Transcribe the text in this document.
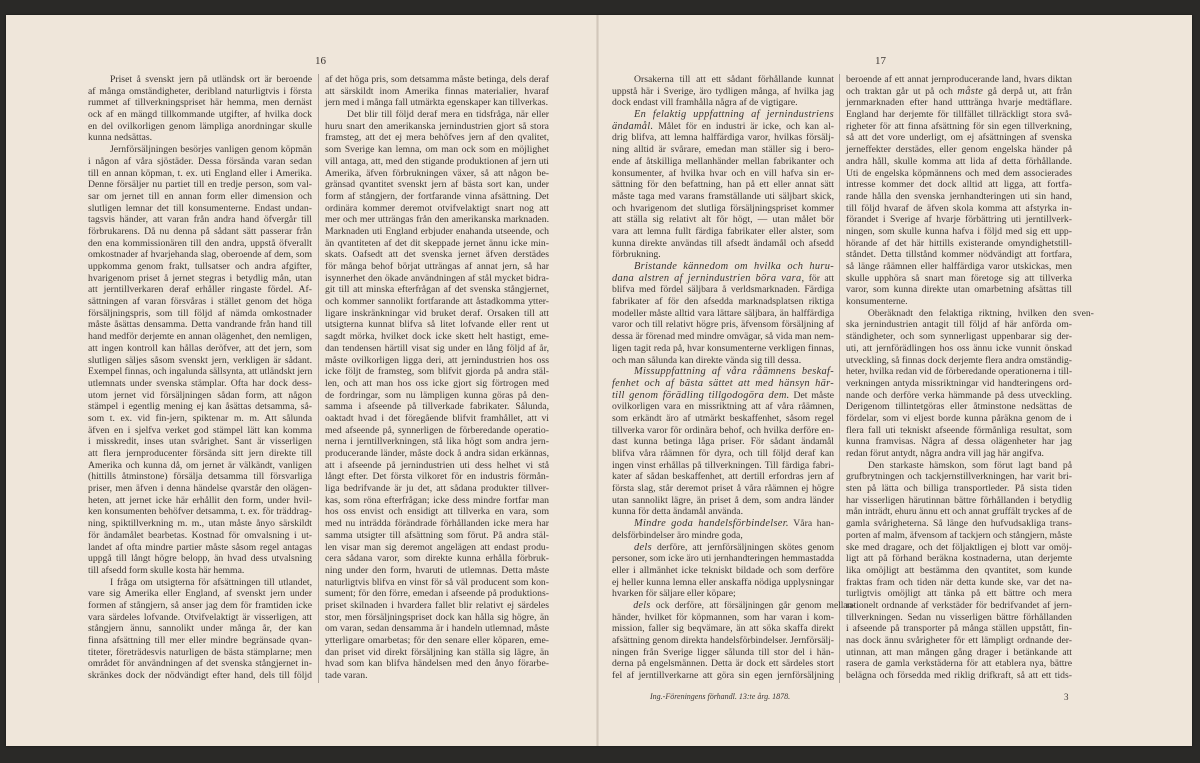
16	17
Priset å svenskt jern på utländsk ort är beroende
af många omständigheter, deribland naturligtvis i första
rummet af tillverkningspriset här hemma, men dernäst
ock af en mängd tillkommande utgifter, af hvilka dock
en del ovilkorligen genom lämpliga anordningar skulle
kunna nedsättas.
Jernförsäljningen besörjes vanligen genom köpmän
i någon af våra sjöstäder. Dessa försända varan sedan
till en annan köpman, t. ex. uti England eller i Amerika.
Denne försäljer nu partiet till en tredje person, som val-
sar om jernet till en annan form eller dimension och
slutligen lemnar det till konsumenterne. Endast undan-
tagsvis händer, att varan från andra hand öfvergår till
förbrukarens. Då nu denna på sådant sätt passerar från
den ena kommissionären till den andra, uppstå öfverallt
omkostnader af hvarjehanda slag, oberoende af dem, som
uppkomma genom frakt, tullsatser och andra afgifter,
hvarigenom priset å jernet stegras i betydlig mån, utan
att jerntillverkaren deraf erhåller ringaste fördel. Af-
sättningen af varan försvåras i stället genom det höga
försäljningspris, som till följd af nämda omkostnader
måste åsättas densamma. Detta vandrande från hand till
hand medför derjemte en annan olägenhet, den nemligen,
att ingen kontroll kan hållas deröfver, att det jern, som
slutligen säljes såsom svenskt jern, verkligen är sådant.
Exempel finnas, och ingalunda sällsynta, att utländskt jern
utlemnats under svenska stämplar. Ofta har dock dess-
utom jernet vid försäljningen sådan form, att någon
stämpel i egentlig mening ej kan åsättas detsamma, så-
som t. ex. vid fin-jern, spiktenar m. m. Att sålunda
äfven en i sjelfva verket god stämpel lätt kan komma
i misskredit, inses utan svårighet. Sant är visserligen
att flera jernproducenter försända sitt jern direkte till
Amerika och kunna då, om jernet är välkändt, vanligen
(hittills åtminstone) försälja detsamma till försvarliga
priser, men äfven i denna händelse qvarstår den olägen-
heten, att jernet icke här erhållit den form, under hvil-
ken konsumenten behöfver detsamma, t. ex. för träddrag-
ning, spiktillverkning m. m., utan måste ånyo särskildt
för ändamålet bearbetas. Kostnad för omvalsning i ut-
landet af ofta mindre partier måste såsom regel antagas
uppgå till långt högre belopp, än hvad dess utvalsning
till afsedd form skulle kosta här hemma.
I fråga om utsigterna för afsättningen till utlandet,
vare sig Amerika eller England, af svenskt jern under
formen af stångjern, så anser jag dem för framtiden icke
vara särdeles lofvande. Otvifvelaktigt är visserligen, att
stångjern ännu, sannolikt under många år, der kan
finna afsättning till mer eller mindre begränsade qvan-
titeter, företrädesvis naturligen de bästa stämplarne; men
området för användningen af det svenska stångjernet in-
skränkes dock der nödvändigt efter hand, dels till följd
af det höga pris, som detsamma måste betinga, dels deraf
att särskildt inom Amerika finnas materialier, hvaraf
jern med i många fall utmärkta egenskaper kan tillverkas.
Det blir till följd deraf mera en tidsfråga, när eller
huru snart den amerikanska jernindustrien gjort så stora
framsteg, att det ej mera behöfves jern af den qvalitet,
som Sverige kan lemna, om man ock som en möjlighet
vill antaga, att, med den stigande produktionen af jern uti
Amerika, äfven förbrukningen växer, så att någon be-
gränsad qvantitet svenskt jern af bästa sort kan, under
form af stångjern, der fortfarande vinna afsättning. Det
ordinära kommer deremot otvifvelaktigt snart nog att
mer och mer utträngas från den amerikanska marknaden.
Marknaden uti England erbjuder enahanda utseende, och
än qvantiteten af det dit skeppade jernet ännu icke min-
skats. Oafsedt att det svenska jernet äfven derstädes
för många behof börjat utträngas af annat jern, så har
isynnerhet den ökade användningen af stål mycket bidra-
git till att minska efterfrågan af det svenska stångjernet,
och kommer sannolikt fortfarande att åstadkomma ytter-
ligare inskränkningar vid bruket deraf. Orsaken till att
utsigterna kunnat blifva så litet lofvande eller rent ut
sagdt mörka, hvilket dock icke skett helt hastigt, eme-
dan tendensen härtill visat sig under en lång följd af år,
måste ovilkorligen ligga deri, att jernindustrien hos oss
icke följt de framsteg, som blifvit gjorda på andra stäl-
len, och att man hos oss icke gjort sig förtrogen med
de fordringar, som nu lämpligen kunna göras på den-
samma i afseende på tillverkade fabrikater. Sålunda,
oaktadt hvad i det föregående blifvit framhållet, att vi
med afseende på, synnerligen de förberedande operatio-
nerna i jerntillverkningen, stå lika högt som andra jern-
producerande länder, måste dock å andra sidan erkännas,
att i afseende på jernindustrien uti dess helhet vi stå
långt efter. Det första vilkoret för en industris förmån-
liga bedrifvande är ju det, att sådana produkter tillver-
kas, som röna efterfrågan; icke dess mindre fortfar man
hos oss envist och ensidigt att tillverka en vara, som
med nu inträdda förändrade förhållanden icke mera har
samma utsigter till afsättning som förut. På andra stäl-
len visar man sig deremot angelägen att endast produ-
cera sådana varor, som direkte kunna erhålla förbruk-
ning under den form, hvaruti de utlemnas. Detta måste
naturligtvis blifva en vinst för så väl producent som kon-
sument; för den förre, emedan i afseende på produktions-
priset skilnaden i hvardera fallet blir relativt ej särdeles
stor, men försäljningspriset dock kan hålla sig högre, än
om varan, sedan densamma är i handeln utlemnad, måste
ytterligare omarbetas; för den senare eller köparen, eme-
dan priset vid direkt försäljning kan ställa sig lägre, än
hvad som kan blifva händelsen med den ånyo förarbe-
tade varan.
Orsakerna till att ett sådant förhållande kunnat
uppstå här i Sverige, äro tydligen många, af hvilka jag
dock endast vill framhålla några af de vigtigare.
En felaktig uppfattning af jernindustriens
ändamål. Målet för en industri är icke, och kan al-
drig blifva, att lemna halffärdiga varor, hvilkas försälj-
ning alltid är svårare, emedan man ställer sig i bero-
ende af åtskilliga mellanhänder mellan fabrikanter och
konsumenter, af hvilka hvar och en vill hafva sin er-
sättning för den befattning, han på ett eller annat sätt
måste taga med varans framställande uti säljbart skick,
och hvarigenom det slutliga försäljningspriset kommer
att ställa sig relativt alt för högt, — utan målet bör
vara att lemna fullt färdiga fabrikater eller alster, som
kunna direkte användas till afsedt ändamål och afsedd
förbrukning.
Bristande kännedom om hvilka och huru-
dana alstren af jernindustrien böra vara, för att
blifva med fördel säljbara å verldsmarknaden. Färdiga
fabrikater af för den afsedda marknadsplatsen riktiga
modeller måste alltid vara lättare säljbara, än halffärdiga
varor och till relativt högre pris, äfvensom försäljning af
dessa är förenad med mindre omvägar, så vida man nem-
ligen tagit reda på, hvar konsumenterne verkligen finnas,
och man sålunda kan direkte vända sig till dessa.
Missuppfattning af våra råämnens beskaf-
fenhet och af bästa sättet att med hänsyn här-
till genom förädling tillgodogöra dem. Det måste
ovilkorligen vara en missriktning att af våra råämnen,
som erkändt äro af utmärkt beskaffenhet, såsom regel
tillverka varor för ordinära behof, och hvilka derföre en-
dast kunna betinga låga priser. För sådant ändamål
blifva våra råämnen för dyra, och till följd deraf kan
ingen vinst erhållas på tillverkningen. Till färdiga fabri-
kater af sådan beskaffenhet, att dertill erfordras jern af
första slag, står deremot priset å våra råämnen ej högre
utan sannolikt lägre, än priset å dem, som andra länder
kunna för detta ändamål använda.
Mindre goda handelsförbindelser. Våra han-
delsförbindelser äro mindre goda,
dels derföre, att jernförsäljningen skötes genom
personer, som icke äro uti jernhandteringen hemmastadda
eller i allmänhet icke tekniskt bildade och som derföre
ej heller kunna lemna eller anskaffa nödiga upplysningar
hvarken för säljare eller köpare;
dels ock derföre, att försäljningen går genom mellan-
händer, hvilket för köpmannen, som har varan i kom-
mission, faller sig beqvämare, än att söka skaffa direkt
afsättning genom direkta handelsförbindelser. Jernförsälj-
ningen från Sverige ligger sålunda till stor del i hän-
derna på engelsmännen. Detta är dock ett särdeles stort
fel af jerntillverkarne att göra sin egen jernförsäljning
beroende af ett annat jernproducerande land, hvars diktan
och traktan går ut på och måste gå derpå ut, att från
jernmarknaden efter hand utttränga hvarje medtäflare.
England har derjemte för tillfället tillräckligt stora svå-
righeter för att finna afsättning för sin egen tillverkning,
så att det vore underligt, om ej afsättningen af svenska
jerneffekter derstädes, eller genom engelska händer på
andra håll, skulle komma att lida af detta förhållande.
Uti de engelska köpmännens och med dem associerades
intresse kommer det dock alltid att ligga, att fortfa-
rande hålla den svenska jernhandteringen uti sin hand,
till följd hvaraf de äfven skola komma att afstyrka in-
förandet i Sverige af hvarje förbättring uti jerntillverk-
ningen, som skulle kunna hafva i följd med sig ett upp-
hörande af det här hittills existerande omyndighetstill-
ståndet. Detta tillstånd kommer nödvändigt att fortfara,
så länge råämnen eller halffärdiga varor utskickas, men
skulle upphöra så snart man företoge sig att tillverka
varor, som kunna direkte utan omarbetning afsättas till
konsumenterne.
Oberäknadt den felaktiga riktning, hvilken den sven-
ska jernindustrien antagit till följd af här anförda om-
ständigheter, och som synnerligast uppenbarar sig der-
uti, att jernförädlingen hos oss ännu icke vunnit önskad
utveckling, så finnas dock derjemte flera andra omständig-
heter, hvilka redan vid de förberedande operationerna i till-
verkningen antyda missriktningar vid handteringens ord-
nande och derföre verka hämmande på dess utveckling.
Derigenom tillintetgöras eller åtminstone nedsättas de
fördelar, som vi eljest borde kunna påräkna genom de i
flera fall uti tekniskt afseende förmånliga resultat, som
kunna framvisas. Några af dessa olägenheter har jag
redan förut antydt, några andra vill jag här angifva.
Den starkaste hämskon, som förut lagt band på
grufbrytningen och tackjernstillverkningen, har varit bri-
sten på lätta och billiga transportleder. På sista tiden
har visserligen härutinnan bättre förhållanden i betydlig
mån inträdt, ehuru ännu ett och annat gruffält tryckes af de
gamla svårigheterna. Så länge den hufvudsakliga trans-
porten af malm, äfvensom af tackjern och stångjern, måste
ske med dragare, och det följaktligen ej blott var omöj-
ligt att på förhand beräkna kostnaderna, utan derjemte
lika omöjligt att bestämma den qvantitet, som kunde
fraktas fram och tiden när detta kunde ske, var det na-
turligtvis omöjligt att tänka på ett bättre och mera
rationelt ordnande af verkstäder för bedrifvandet af jern-
tillverkningen. Sedan nu visserligen bättre förhållanden
i afseende på transporter på många ställen uppstått, fin-
nas dock ännu svårigheter för ett lämpligt ordnande der-
utinnan, att man mången gång drager i betänkande att
rasera de gamla verkstäderna för att etablera nya, bättre
belägna och försedda med riklig drifkraft, så att ett tids-
Ing.-Föreningens förhandl. 13:te årg. 1878.	3
